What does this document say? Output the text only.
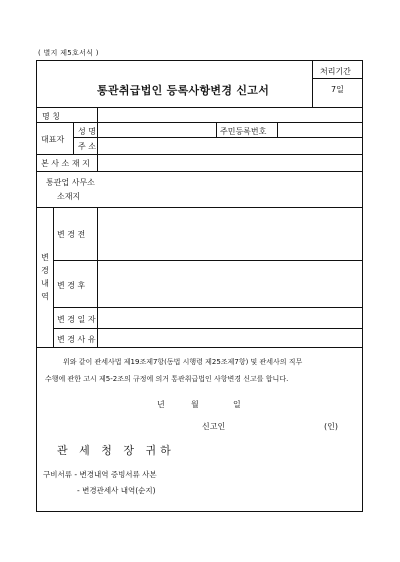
( 별지 제5호서식 )
통관취급법인 등록사항변경 신고서
처리기간
7일
명 칭
대표자
성 명	주민등록번호
주 소
본 사 소 재 지
통관업 사무소
소재지
변
경
내
역
변 경 전
변 경 후
변 경 일 자
변 경 사 유
위와 같이 관세사법 제19조제7항(동법 시행령 제25조제7항) 및 관세사의 직무
수행에 관한 고시 제5-2조의 규정에 의거 통관취급법인 사항변경 신고를 합니다.
년	월	일
신고인	(인)
관 세 청 장 귀하
구비서류 - 변경내역 증빙서류 사본
- 변경관세사 내역(순지)
